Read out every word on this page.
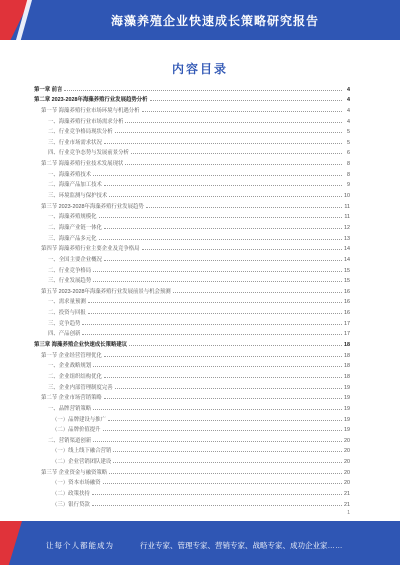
海藻养殖企业快速成长策略研究报告
内容目录
第一章 前言	4
第二章 2023-2028年海藻养殖行业发展趋势分析	4
第一节 海藻养殖行业市场环境与机遇分析	4
一、海藻养殖行业市场需求分析	4
二、行业竞争格局现状分析	5
三、行业市场需求状况	5
四、行业竞争态势与发展前景分析	6
第二节 海藻养殖行业技术发展现状	8
一、海藻养殖技术	8
二、海藻产品加工技术	9
三、环境监测与保护技术	10
第三节 2023-2028年海藻养殖行业发展趋势	11
一、海藻养殖规模化	11
二、海藻产业链一体化	12
三、海藻产品多元化	13
第四节 海藻养殖行业主要企业及竞争格局	14
一、全国主要企业概况	14
二、行业竞争格局	15
三、行业发展趋势	15
第五节 2023-2028年海藻养殖行业发展前景与机会预测	16
一、需求量预测	16
二、投资与回报	16
三、竞争趋势	17
四、产品创新	17
第三章 海藻养殖企业快速成长策略建议	18
第一节 企业经营管理优化	18
一、企业战略规划	18
二、企业组织结构优化	18
三、企业内部管理制度完善	19
第二节 企业市场营销策略	19
一、品牌营销策略	19
（一）品牌建设与推广	19
（二）品牌价值提升	19
二、营销渠道创新	20
（一）线上线下融合营销	20
（二）企业营销团队建设	20
第三节 企业资金与融资策略	20
（一）资本市场融资	20
（二）政策扶持	21
（三）银行贷款	21
1
让每个人都能成为	行业专家、管理专家、营销专家、战略专家、成功企业家……
